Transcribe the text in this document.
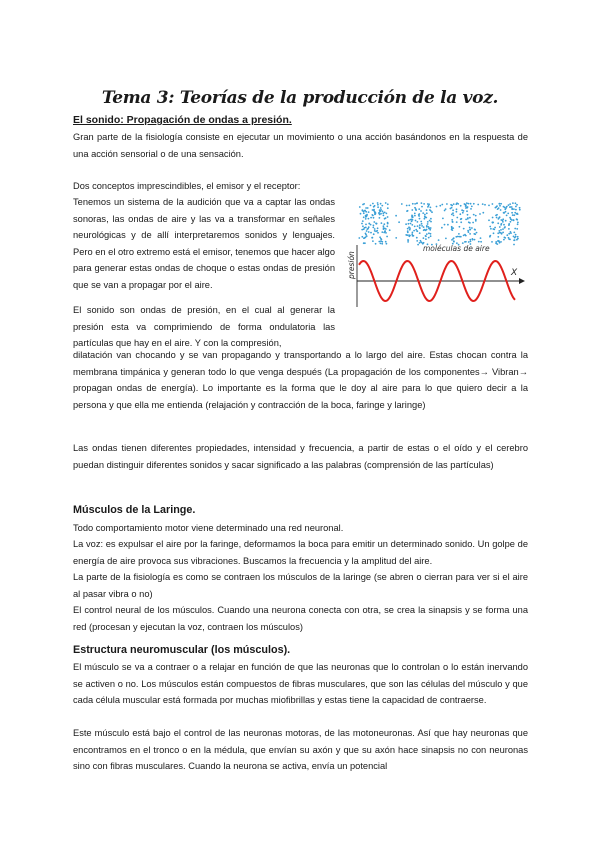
Tema 3: Teorías de la producción de la voz.

El sonido: Propagación de ondas a presión.

Gran parte de la fisiología consiste en ejecutar un movimiento o una acción basándonos en la respuesta de una acción sensorial o de una sensación.

Dos conceptos imprescindibles, el emisor y el receptor:

Tenemos un sistema de la audición que va a captar las ondas sonoras, las ondas de aire y las va a transformar en señales neurológicas y de allí interpretaremos sonidos y lenguajes. Pero en el otro extremo está el emisor, tenemos que hacer algo para generar estas ondas de choque o estas ondas de presión que se van a propagar por el aire.

El sonido son ondas de presión, en el cual al generar la presión esta va comprimiendo de forma ondulatoria las partículas que hay en el aire. Y con la compresión,

dilatación van chocando y se van propagando y transportando a lo largo del aire. Estas chocan contra la membrana timpánica y generan todo lo que venga después (La propagación de los componentes→ Vibran→ propagan ondas de energía). Lo importante es la forma que le doy al aire para lo que quiero decir a la persona y que ella me entienda (relajación y contracción de la boca, faringe y laringe)

Las ondas tienen diferentes propiedades, intensidad y frecuencia, a partir de estas o el oído y el cerebro puedan distinguir diferentes sonidos y sacar significado a las palabras (comprensión de las partículas)

Músculos de la Laringe.

Todo comportamiento motor viene determinado una red neuronal.

La voz: es expulsar el aire por la faringe, deformamos la boca para emitir un determinado sonido. Un golpe de energía de aire provoca sus vibraciones. Buscamos la frecuencia y la amplitud del aire.

La parte de la fisiología es como se contraen los músculos de la laringe (se abren o cierran para ver si el aire al pasar vibra o no)

El control neural de los músculos. Cuando una neurona conecta con otra, se crea la sinapsis y se forma una red (procesan y ejecutan la voz, contraen los músculos)

Estructura neuromuscular (los músculos).

El músculo se va a contraer o a relajar en función de que las neuronas que lo controlan o lo están inervando se activen o no. Los músculos están compuestos de fibras musculares, que son las células del músculo y que cada célula muscular está formada por muchas miofibrillas y estas tiene la capacidad de contraerse.

Este músculo está bajo el control de las neuronas motoras, de las motoneuronas. Así que hay neuronas que encontramos en el tronco o en la médula, que envían su axón y que su axón hace sinapsis no con neuronas sino con fibras musculares. Cuando la neurona se activa, envía un potencial

moléculas de aire
presión	X
